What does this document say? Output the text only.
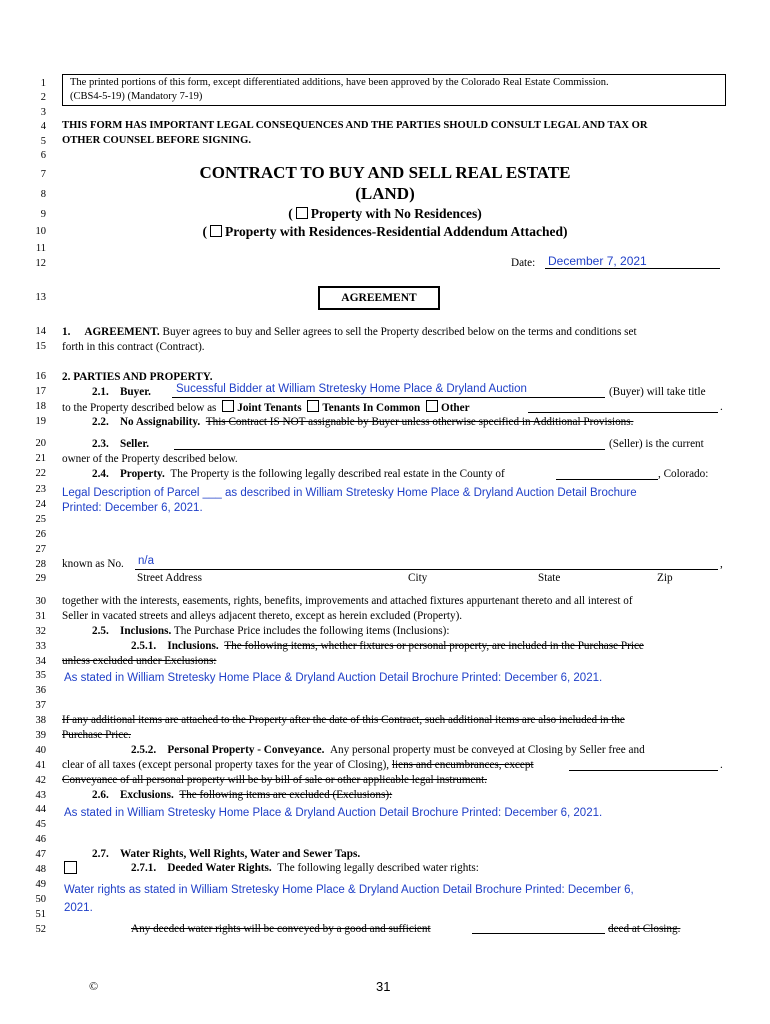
1
2
3
4
5
6
7
8
9
10
11
12
13
14
15
16
17
18
19
20
21
22
23
24
25
26
27
28
29
30
31
32
33
34
35
36
37
38
39
40
41
42
43
44
45
46
47
48
49
50
51
52
The printed portions of this form, except differentiated additions, have been approved by the Colorado Real Estate Commission.
(CBS4-5-19) (Mandatory 7-19)
THIS FORM HAS IMPORTANT LEGAL CONSEQUENCES AND THE PARTIES SHOULD CONSULT LEGAL AND TAX OR
OTHER COUNSEL BEFORE SIGNING.
CONTRACT TO BUY AND SELL REAL ESTATE
(LAND)
( Property with No Residences)
( Property with Residences-Residential Addendum Attached)
Date: December 7, 2021
AGREEMENT
1. AGREEMENT. Buyer agrees to buy and Seller agrees to sell the Property described below on the terms and conditions set
forth in this contract (Contract).
2. PARTIES AND PROPERTY.
2.1. Buyer. Sucessful Bidder at William Stretesky Home Place & Dryland Auction	(Buyer) will take title
to the Property described below as Joint Tenants Tenants In Common Other	.
2.2. No Assignability. This Contract IS NOT assignable by Buyer unless otherwise specified in Additional Provisions.
2.3. Seller.	(Seller) is the current
owner of the Property described below.
2.4. Property. The Property is the following legally described real estate in the County of	, Colorado:
Legal Description of Parcel ___ as described in William Stretesky Home Place & Dryland Auction Detail Brochure
Printed: December 6, 2021.
known as No. n/a	,
Street Address	City	State	Zip
together with the interests, easements, rights, benefits, improvements and attached fixtures appurtenant thereto and all interest of
Seller in vacated streets and alleys adjacent thereto, except as herein excluded (Property).
2.5. Inclusions. The Purchase Price includes the following items (Inclusions):
2.5.1. Inclusions. The following items, whether fixtures or personal property, are included in the Purchase Price
unless excluded under Exclusions:
As stated in William Stretesky Home Place & Dryland Auction Detail Brochure Printed: December 6, 2021.
If any additional items are attached to the Property after the date of this Contract, such additional items are also included in the
Purchase Price.
2.5.2. Personal Property - Conveyance. Any personal property must be conveyed at Closing by Seller free and
clear of all taxes (except personal property taxes for the year of Closing), liens and encumbrances, except	.
Conveyance of all personal property will be by bill of sale or other applicable legal instrument.
2.6. Exclusions. The following items are excluded (Exclusions):
As stated in William Stretesky Home Place & Dryland Auction Detail Brochure Printed: December 6, 2021.
2.7. Water Rights, Well Rights, Water and Sewer Taps.
2.7.1. Deeded Water Rights. The following legally described water rights:
Water rights as stated in William Stretesky Home Place & Dryland Auction Detail Brochure Printed: December 6,
2021.
Any deeded water rights will be conveyed by a good and sufficient	deed at Closing.
©	31
